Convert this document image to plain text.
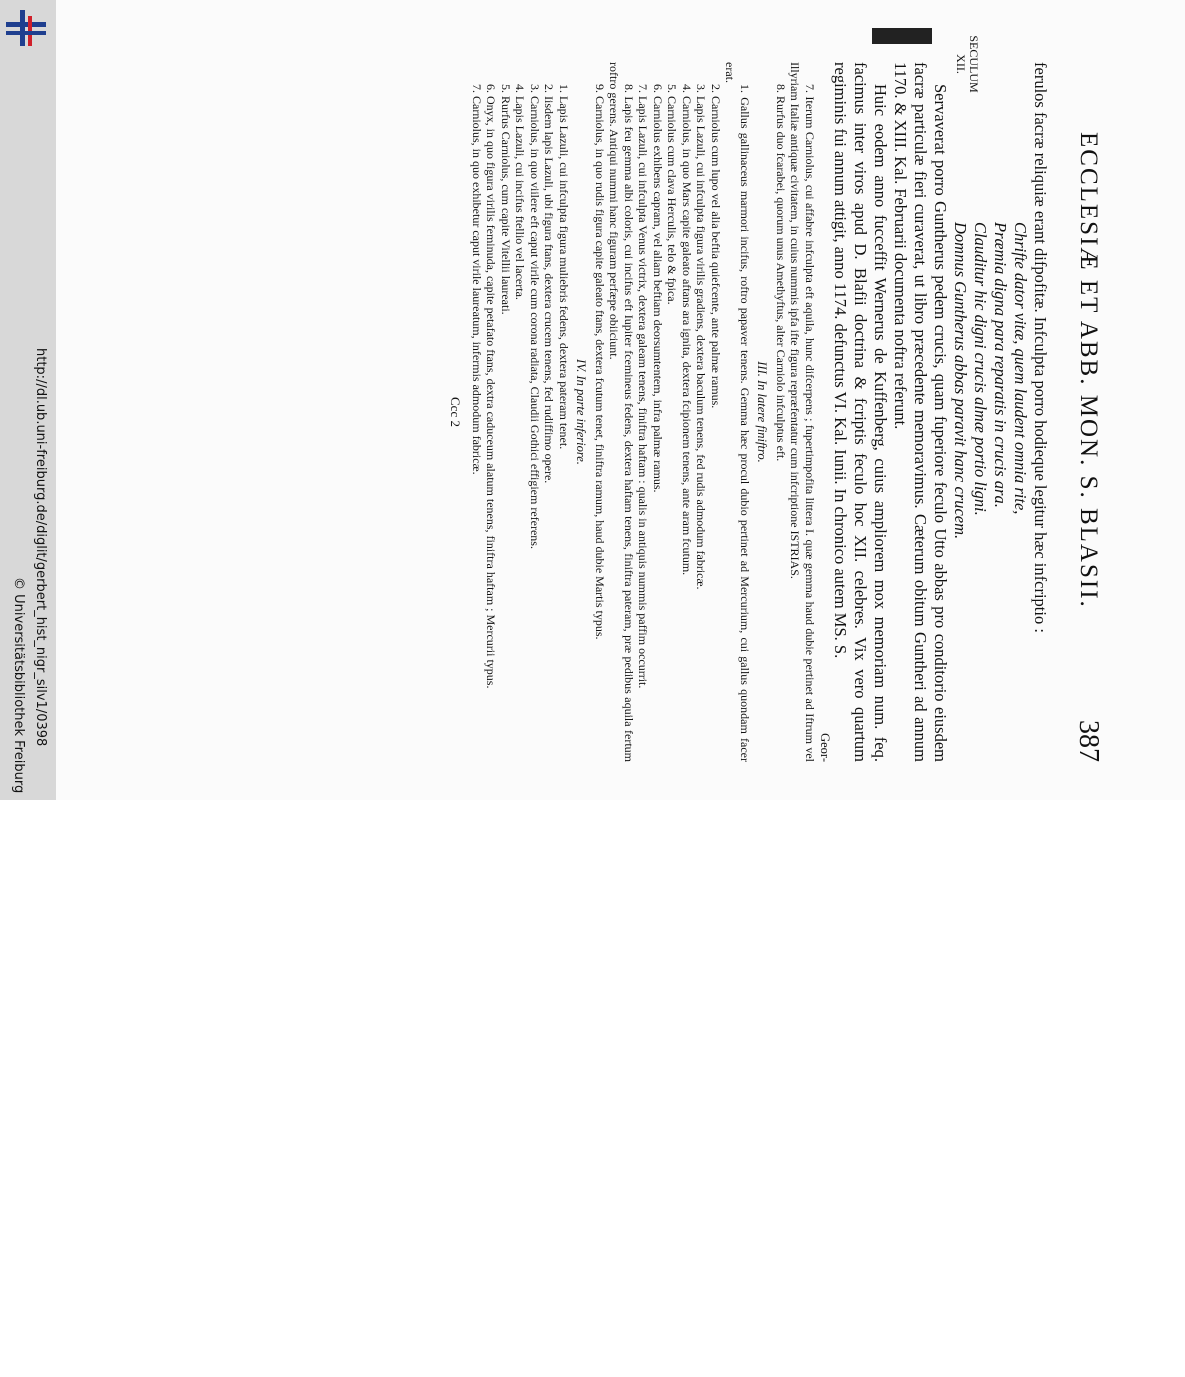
http://dl.ub.uni-freiburg.de/diglit/gerbert_hist_nigr_silv1/0398
© Universitätsbibliothek Freiburg
ECCLESIÆ ET ABB. MON. S. BLASII.
387
SECULUM
XII.	ferulos facræ reliquiæ erant difpofitæ. Infculpta porro hodieque legitur hæc infcriptio :

Chrifte dator vitæ, quem laudent omnia rite,
Præmia digna para reparatis in crucis ara.
Clauditur hic digni crucis almæ portio ligni.
Domnus Guntherus abbas paravit hanc crucem.

Servaverat porro Guntherus pedem crucis, quam fuperiore feculo Utto abbas pro conditorio eiusdem facræ particulæ fieri curaverat, ut libro præcedente memoravimus. Cæterum obitum Guntheri ad annum 1170. & XIII. Kal. Februarii documenta noftra referunt.

Huic eodem anno fucceffit Wernerus de Kuffenberg, cuius ampliorem mox memoriam num. feq. facimus inter viros apud D. Blafii doctrina & fcriptis feculo hoc XII. celebres. Vix vero quartum regiminis fui annum attigit, anno 1174. defunctus VI. Kal. Iunii. In chronico autem MS. S.

Geor-

7. Iterum Carniolus, cui affabre infculpta eft aquila, hunc difcerpens ; fupertimpofita littera I. quæ gemma haud dubie pertinet ad Iftrum vel Illyriam Italiæ antiquæ civitatem, in cuius nummis ipfa ifte figura repræfentatur cum infcriptione ISTRIAS.

8. Rurfus duo fcarabei, quorum unus Amethyftus, alter Carniolo infculptus eft.

III. In latere finiftro.

1. Gallus gallinaceus marmori incifus, roftro papaver tenens. Gemma hæc procul dubio pertinet ad Mercurium, cui gallus quondam facer erat.

2. Carniolus cum lupo vel alia beftia quiefcente, ante palmæ ramus.

3. Lapis Lazuli, cui infculpta figura virilis gradiens, dextera baculum tenens, fed rudis admodum fabricæ.

4. Carniolus, in quo Mars capite galeato aftans ara ignita, dextera fcipionem tenens, ante aram fcutum.

5. Carniolus cum clava Herculis, telo & fpica.

6. Carniolus exhibens capram, vel aliam beftiam deorsumtentem, infra palmæ ramus.

7. Lapis Lazuli, cui infculpta Venus victrix, dextera galeam tenens, finiftra haftam : qualis in antiquis nummis paffim occurrit.

8. Lapis feu gemma albi coloris, cui incifus eft Iupiter fcemineus fedens, dextera haftam tenens, finiftra pateram, præ pedibus aquila fertum roftro gerens. Antiqui nummi hanc figuram perfæpe obiiciunt.

9. Carniolus, in quo rudis figura capite galeato ftans, dextera fcutum tenet, finiftra ramum, haud dubie Martis typus.

IV. In parte inferiore.

1. Lapis Lazuli, cui infculpta figura muliebris fedens, dextera pateram tenet.

2. Iisdem lapis Lazuli, ubi figura ftans, dextera crucem tenens, fed rudiffimo opere.

3. Carniolus, in quo viilere eft caput virile cum corona radiata, Claudii Gothici effigiem referens.

4. Lapis Lazuli, cui incifus ftellio vel lacerta.

5. Rurfus Carniolus, cum capite Vitellii laureati.

6. Onyx, in quo figura virilis feminuda, capite petafato ftans, dextra caduceum alatum tenens, finiftra haftam ; Mercurii typus.

7. Carniolus, in quo exhibetur caput virile laureatum, infermis admodum fabricæ.

Ccc 2
